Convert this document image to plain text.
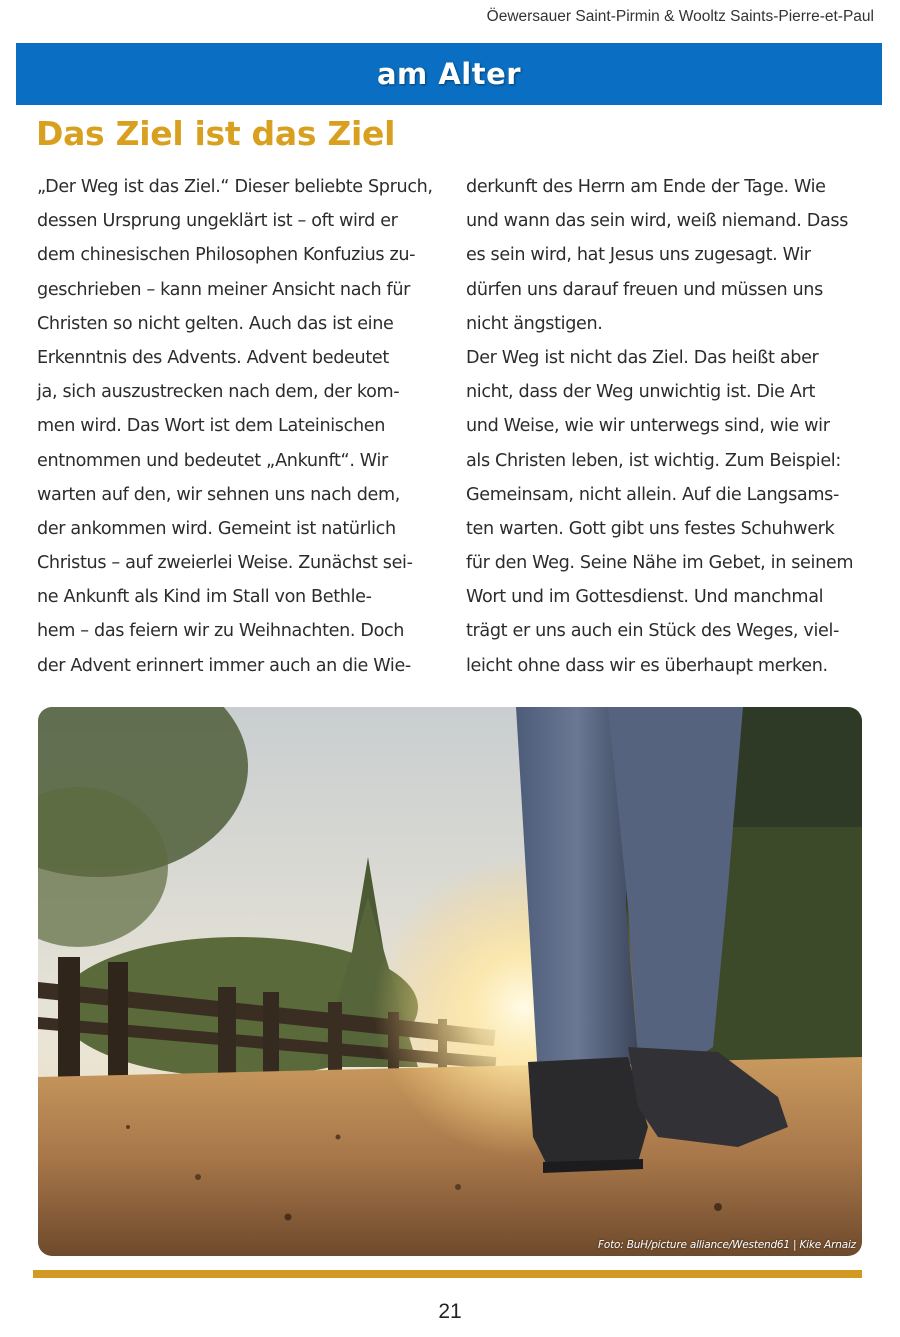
Öewersauer Saint-Pirmin & Wooltz Saints-Pierre-et-Paul
am Alter
Das Ziel ist das Ziel
„Der Weg ist das Ziel.“ Dieser beliebte Spruch,
dessen Ursprung ungeklärt ist – oft wird er
dem chinesischen Philosophen Konfuzius zu-
geschrieben – kann meiner Ansicht nach für
Christen so nicht gelten. Auch das ist eine
Erkenntnis des Advents. Advent bedeutet
ja, sich auszustrecken nach dem, der kom-
men wird. Das Wort ist dem Lateinischen
entnommen und bedeutet „Ankunft“. Wir
warten auf den, wir sehnen uns nach dem,
der ankommen wird. Gemeint ist natürlich
Christus – auf zweierlei Weise. Zunächst sei-
ne Ankunft als Kind im Stall von Bethle-
hem – das feiern wir zu Weihnachten. Doch
der Advent erinnert immer auch an die Wie-
derkunft des Herrn am Ende der Tage. Wie
und wann das sein wird, weiß niemand. Dass
es sein wird, hat Jesus uns zugesagt. Wir
dürfen uns darauf freuen und müssen uns
nicht ängstigen.
Der Weg ist nicht das Ziel. Das heißt aber
nicht, dass der Weg unwichtig ist. Die Art
und Weise, wie wir unterwegs sind, wie wir
als Christen leben, ist wichtig. Zum Beispiel:
Gemeinsam, nicht allein. Auf die Langsams-
ten warten. Gott gibt uns festes Schuhwerk
für den Weg. Seine Nähe im Gebet, in seinem
Wort und im Gottesdienst. Und manchmal
trägt er uns auch ein Stück des Weges, viel-
leicht ohne dass wir es überhaupt merken.
Foto: BuH/picture alliance/Westend61 | Kike Arnaiz
21
